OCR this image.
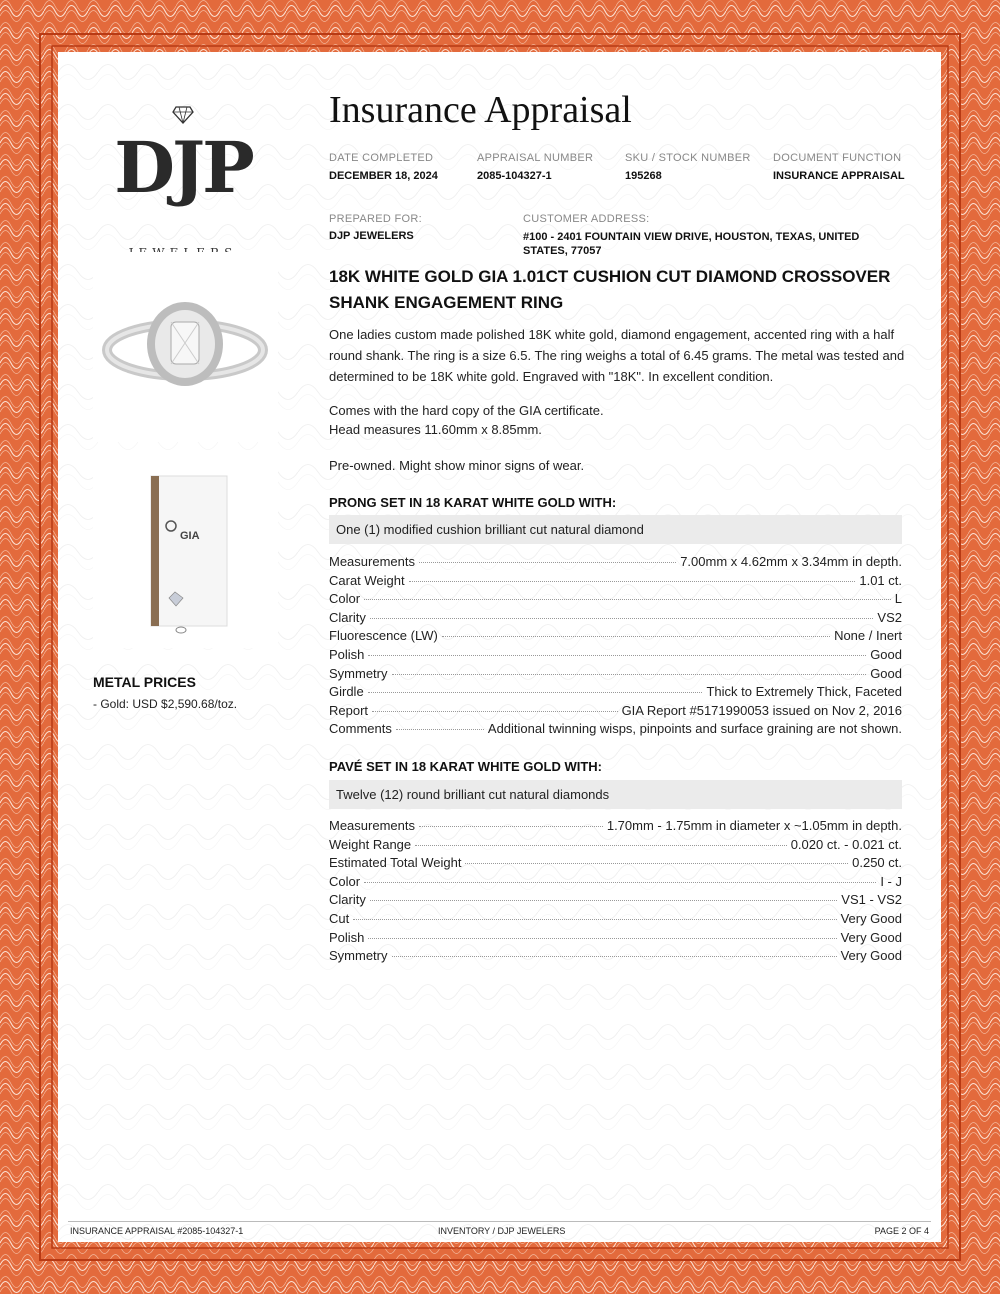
DJP
GIA
METAL PRICES
- Gold: USD $2,590.68/toz.
Insurance Appraisal
DATE COMPLETED
DECEMBER 18, 2024
APPRAISAL NUMBER
2085-104327-1
SKU / STOCK NUMBER
195268
DOCUMENT FUNCTION
INSURANCE APPRAISAL
PREPARED FOR:
DJP JEWELERS
CUSTOMER ADDRESS:
#100 - 2401 FOUNTAIN VIEW DRIVE, HOUSTON, TEXAS, UNITED STATES, 77057
18K WHITE GOLD GIA 1.01CT CUSHION CUT DIAMOND CROSSOVER SHANK ENGAGEMENT RING
One ladies custom made polished 18K white gold, diamond engagement, accented ring with a half round shank. The ring is a size 6.5. The ring weighs a total of 6.45 grams. The metal was tested and determined to be 18K white gold. Engraved with "18K". In excellent condition.
Comes with the hard copy of the GIA certificate.
Head measures 11.60mm x 8.85mm.
Pre-owned. Might show minor signs of wear.
PRONG SET IN 18 KARAT WHITE GOLD WITH:
One (1) modified cushion brilliant cut natural diamond
Measurements	7.00mm x 4.62mm x 3.34mm in depth.
Carat Weight	1.01 ct.
Color	L
Clarity	VS2
Fluorescence (LW)	None / Inert
Polish	Good
Symmetry	Good
Girdle	Thick to Extremely Thick, Faceted
Report	GIA Report #5171990053 issued on Nov 2, 2016
Comments	Additional twinning wisps, pinpoints and surface graining are not shown.
PAVÉ SET IN 18 KARAT WHITE GOLD WITH:
Twelve (12) round brilliant cut natural diamonds
Measurements	1.70mm - 1.75mm in diameter x ~1.05mm in depth.
Weight Range	0.020 ct. - 0.021 ct.
Estimated Total Weight	0.250 ct.
Color	I - J
Clarity	VS1 - VS2
Cut	Very Good
Polish	Very Good
Symmetry	Very Good
INSURANCE APPRAISAL #2085-104327-1	INVENTORY / DJP JEWELERS	PAGE 2 OF 4
